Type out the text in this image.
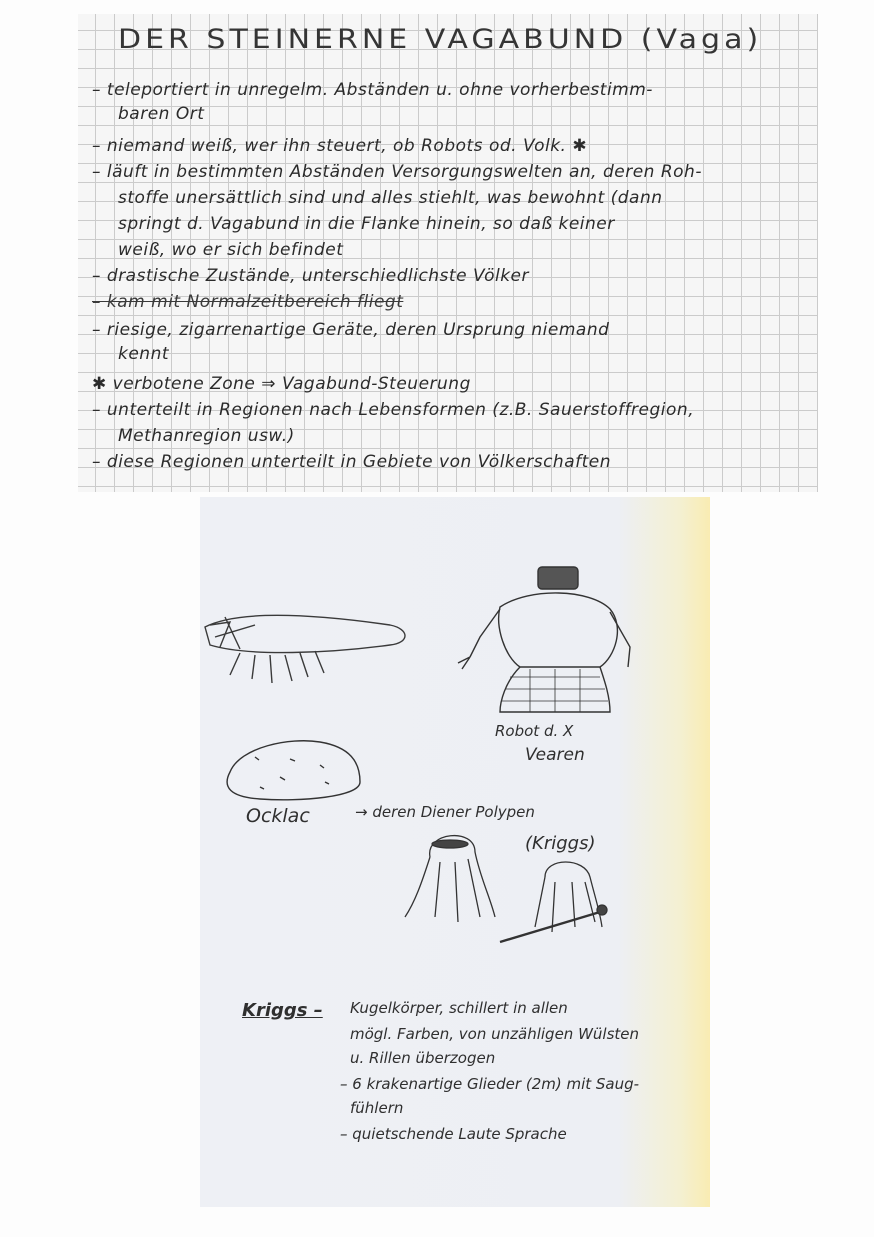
DER STEINERNE VAGABUND (Vaga)
– teleportiert in unregelm. Abständen u. ohne vorherbestimm-
baren Ort
– niemand weiß, wer ihn steuert, ob Robots od. Volk. ✱
– läuft in bestimmten Abständen Versorgungswelten an, deren Roh-
stoffe unersättlich sind und alles stiehlt, was bewohnt (dann
springt d. Vagabund in die Flanke hinein, so daß keiner
weiß, wo er sich befindet
– drastische Zustände, unterschiedlichste Völker
– kam mit Normalzeitbereich fliegt
– riesige, zigarrenartige Geräte, deren Ursprung niemand
kennt
✱ verbotene Zone ⇒ Vagabund-Steuerung
– unterteilt in Regionen nach Lebensformen (z.B. Sauerstoffregion,
Methanregion usw.)
– diese Regionen unterteilt in Gebiete von Völkerschaften
Robot d. X
Vearen
Ocklac	→ deren Diener Polypen
(Kriggs)
Kriggs – Kugelkörper, schillert in allen
mögl. Farben, von unzähligen Wülsten
u. Rillen überzogen
– 6 krakenartige Glieder (2m) mit Saug-
fühlern
– quietschende Laute Sprache
